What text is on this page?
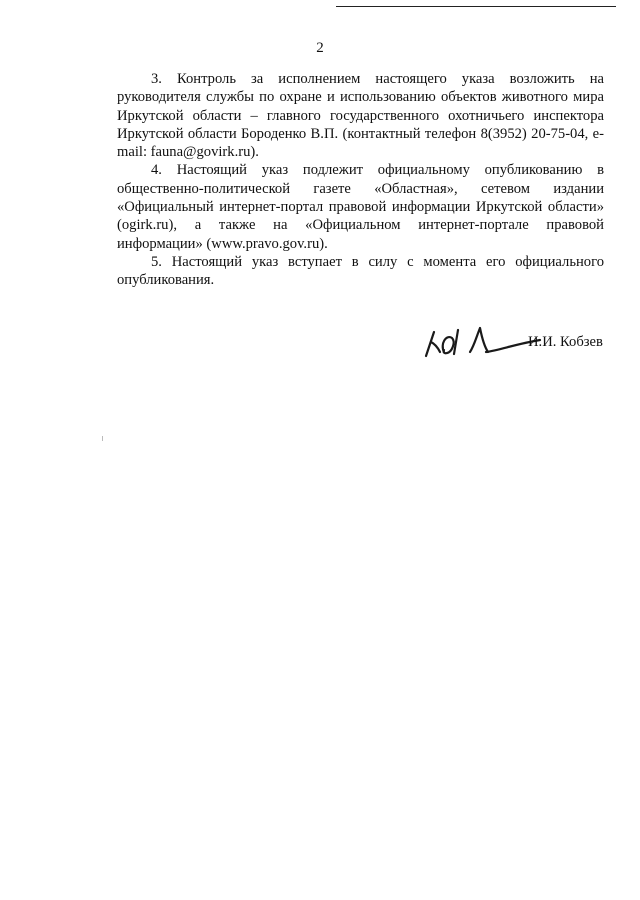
2

3. Контроль за исполнением настоящего указа возложить на руководителя службы по охране и использованию объектов животного мира Иркутской области – главного государственного охотничьего инспектора Иркутской области Бороденко В.П. (контактный телефон 8(3952) 20-75-04, e-mail: fauna@govirk.ru).

4. Настоящий указ подлежит официальному опубликованию в общественно-политической газете «Областная», сетевом издании «Официальный интернет-портал правовой информации Иркутской области» (ogirk.ru), а также на «Официальном интернет-портале правовой информации» (www.pravo.gov.ru).

5. Настоящий указ вступает в силу с момента его официального опубликования.

И.И. Кобзев
